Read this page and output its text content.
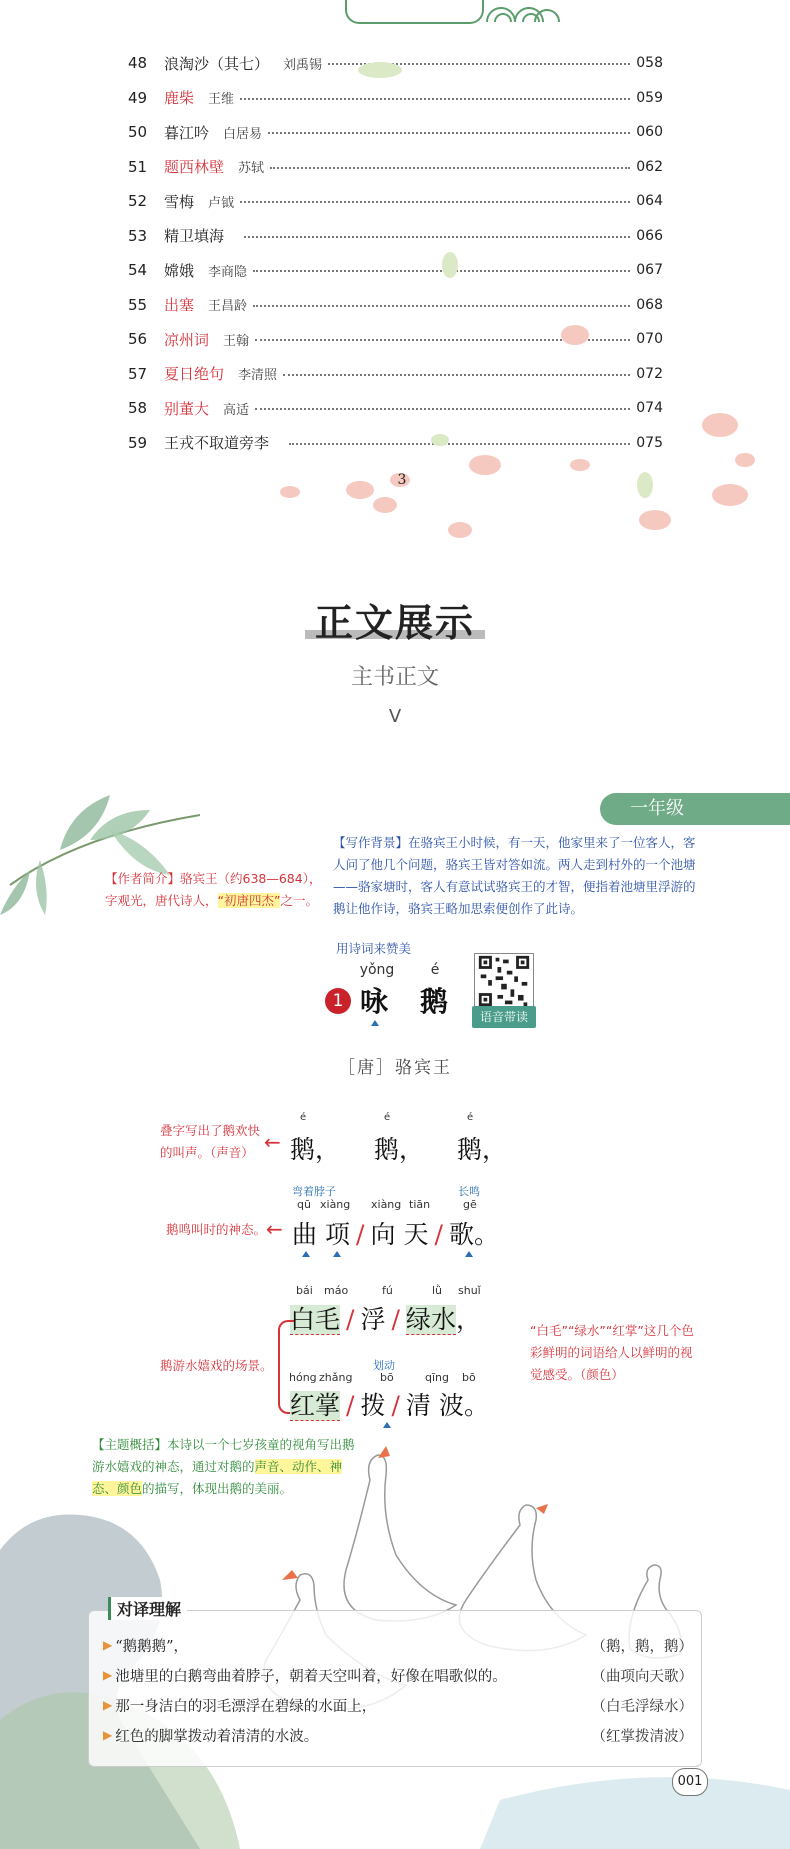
48	浪淘沙（其七） 刘禹锡	058
49	鹿柴 王维	059
50	暮江吟 白居易	060
51	题西林壁 苏轼	062
52	雪梅 卢钺	064
53	精卫填海	066
54	嫦娥 李商隐	067
55	出塞 王昌龄	068
56	凉州词 王翰	070
57	夏日绝句 李清照	072
58	别董大 高适	074
59	王戎不取道旁李	075
3
正文展示
主书正文
V
一年级
【作者简介】骆宾王（约638—684），字观光，唐代诗人，“初唐四杰”之一。
【写作背景】在骆宾王小时候，有一天，他家里来了一位客人，客人问了他几个问题，骆宾王皆对答如流。两人走到村外的一个池塘——骆家塘时，客人有意试试骆宾王的才智，便指着池塘里浮游的鹅让他作诗，骆宾王略加思索便创作了此诗。
用诗词来赞美
语音带读
1
yǒng	é
咏 鹅
［唐］骆宾王
叠字写出了鹅欢快的叫声。（声音） ←
é	é	é
鹅， 鹅， 鹅，
弯着脖子	长鸣
qū xiàng xiàng tiān	gē
鹅鸣叫时的神态。 ← 曲 项 / 向 天 / 歌。
bái máo	fú	lǜ shuǐ
白毛 / 浮 / 绿水，
鹅游水嬉戏的场景。
“白毛”“绿水”“红掌”这几个色彩鲜明的词语给人以鲜明的视觉感受。（颜色）
划动
hóng zhǎng	bō	qīng bō
红掌 / 拨 / 清 波。
【主题概括】本诗以一个七岁孩童的视角写出鹅游水嬉戏的神态，通过对鹅的声音、动作、神态、颜色的描写，体现出鹅的美丽。
▶ “鹅鹅鹅”，	（鹅，鹅，鹅）
▶ 池塘里的白鹅弯曲着脖子，朝着天空叫着，好像在唱歌似的。	（曲项向天歌）
▶ 那一身洁白的羽毛漂浮在碧绿的水面上，	（白毛浮绿水）
▶ 红色的脚掌拨动着清清的水波。	（红掌拨清波）
对译理解
001
